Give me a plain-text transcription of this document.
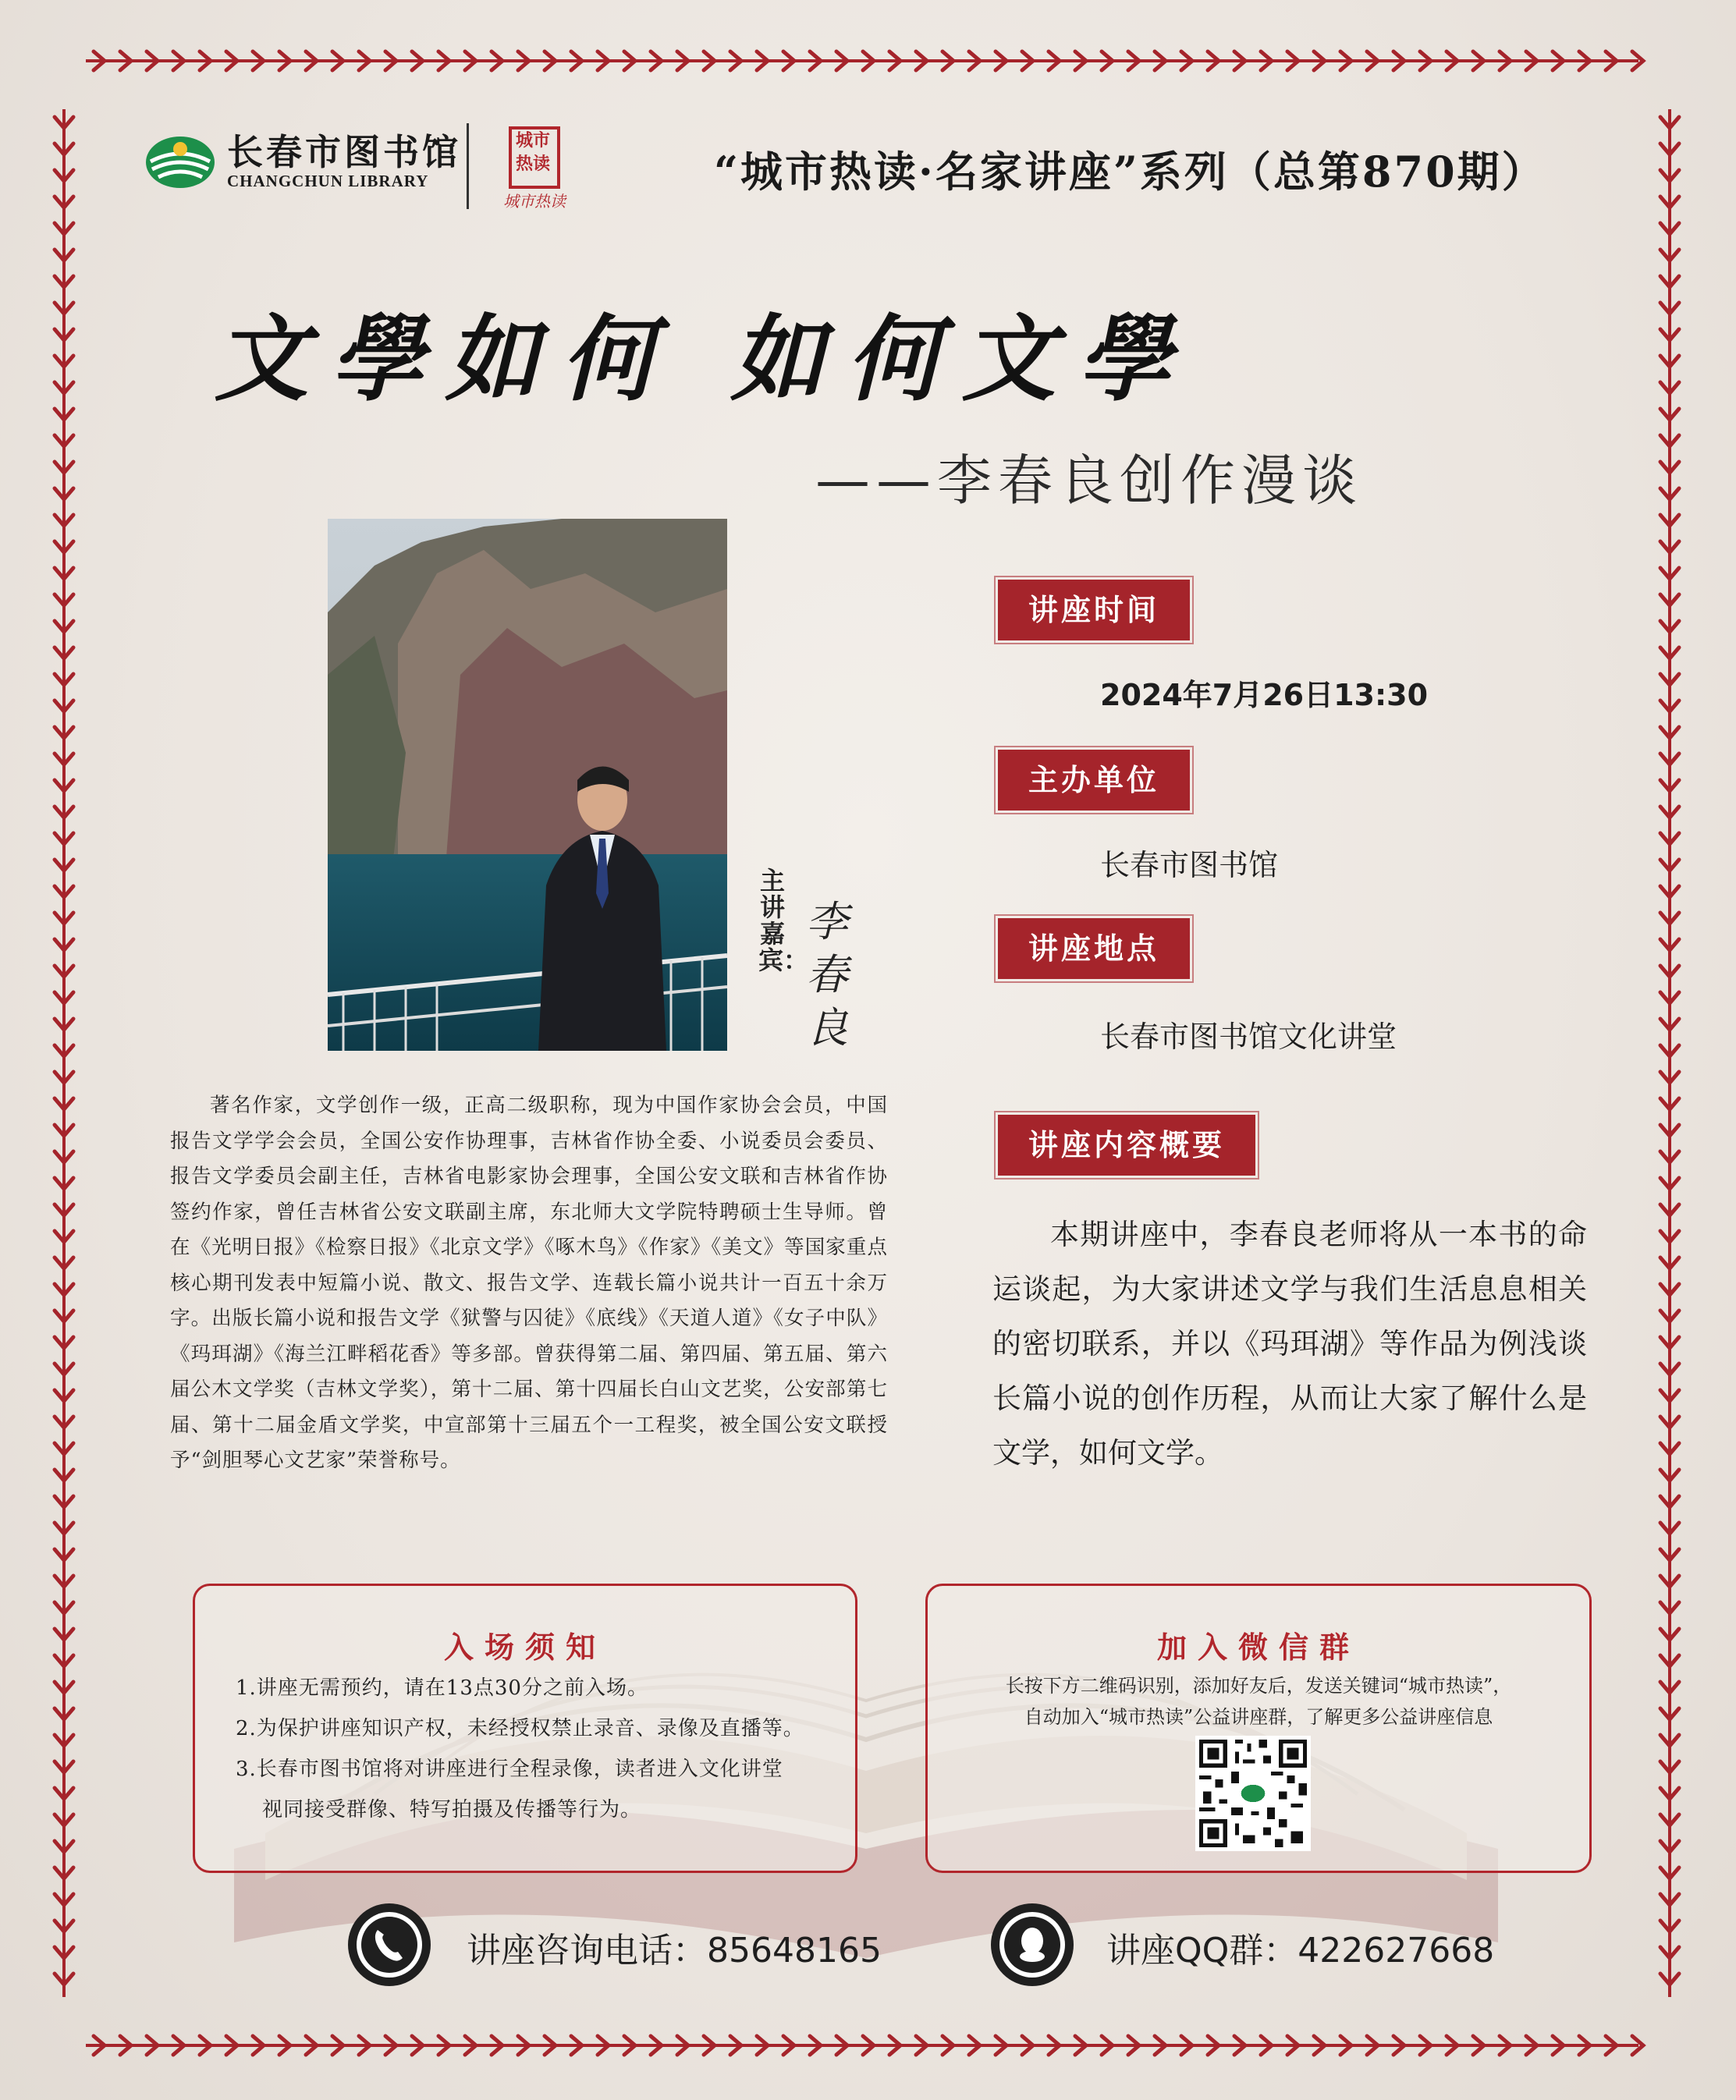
长春市图书馆
CHANGCHUN LIBRARY
城市热读
城市热读
“城市热读·名家讲座”系列（总第870期）
文學如何 如何文學
——李春良创作漫谈
主讲嘉宾：
李春良
著名作家，文学创作一级，正高二级职称，现为中国作家协会会员，中国报告文学学会会员，全国公安作协理事，吉林省作协全委、小说委员会委员、报告文学委员会副主任，吉林省电影家协会理事，全国公安文联和吉林省作协签约作家，曾任吉林省公安文联副主席，东北师大文学院特聘硕士生导师。曾在《光明日报》《检察日报》《北京文学》《啄木鸟》《作家》《美文》等国家重点核心期刊发表中短篇小说、散文、报告文学、连载长篇小说共计一百五十余万字。出版长篇小说和报告文学《狱警与囚徒》《底线》《天道人道》《女子中队》《玛珥湖》《海兰江畔稻花香》等多部。曾获得第二届、第四届、第五届、第六届公木文学奖（吉林文学奖），第十二届、第十四届长白山文艺奖，公安部第七届、第十二届金盾文学奖，中宣部第十三届五个一工程奖，被全国公安文联授予“剑胆琴心文艺家”荣誉称号。
讲座时间
2024年7月26日13:30
主办单位
长春市图书馆
讲座地点
长春市图书馆文化讲堂
讲座内容概要
本期讲座中，李春良老师将从一本书的命运谈起，为大家讲述文学与我们生活息息相关的密切联系，并以《玛珥湖》等作品为例浅谈长篇小说的创作历程，从而让大家了解什么是文学，如何文学。
入场须知
1.讲座无需预约，请在13点30分之前入场。
2.为保护讲座知识产权，未经授权禁止录音、录像及直播等。
3.长春市图书馆将对讲座进行全程录像，读者进入文化讲堂
视同接受群像、特写拍摄及传播等行为。
加入微信群
长按下方二维码识别，添加好友后，发送关键词“城市热读”，
自动加入“城市热读”公益讲座群，了解更多公益讲座信息
讲座咨询电话：85648165	讲座QQ群：422627668
